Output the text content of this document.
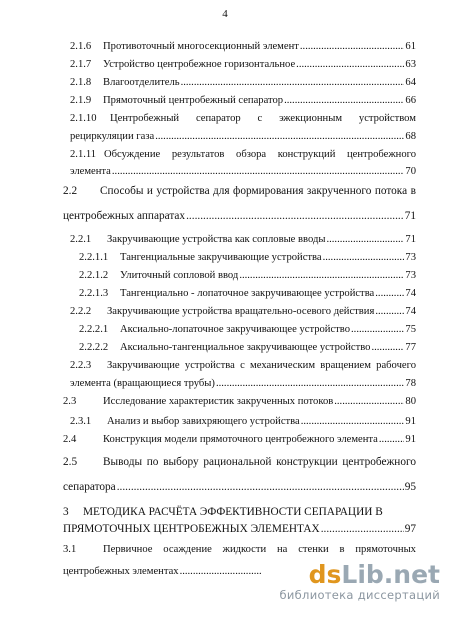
4
2.1.6 Противоточный многосекционный элемент .....	61
2.1.7 Устройство центробежное горизонтальное .....	63
2.1.8 Влагоотделитель .....	64
2.1.9 Прямоточный центробежный сепаратор .....	66
2.1.10 Центробежный сепаратор с эжекционным устройством
рециркуляции газа .....	68
2.1.11 Обсуждение результатов обзора конструкций центробежного
элемента .....	70
2.2 Способы и устройства для формирования закрученного потока в
центробежных аппаратах .....	71
2.2.1 Закручивающие устройства как сопловые вводы .....	71
2.2.1.1 Тангенциальные закручивающие устройства .....	73
2.2.1.2 Улиточный сопловой ввод .....	73
2.2.1.3 Тангенциально - лопаточное закручивающее устройства .....	74
2.2.2 Закручивающие устройства вращательно-осевого действия .....	74
2.2.2.1 Аксиально-лопаточное закручивающее устройство .....	75
2.2.2.2 Аксиально-тангенциальное закручивающее устройство .....	77
2.2.3 Закручивающие устройства с механическим вращением рабочего
элемента (вращающиеся трубы) .....	78
2.3	Исследование характеристик закрученных потоков .....	80
2.3.1 Анализ и выбор завихряющего устройства .....	91
2.4	Конструкция модели прямоточного центробежного элемента .....	91
2.5 Выводы по выбору рациональной конструкции центробежного
сепаратора .....	95
3 МЕТОДИКА РАСЧЁТА ЭФФЕКТИВНОСТИ СЕПАРАЦИИ В
ПРЯМОТОЧНЫХ ЦЕНТРОБЕЖНЫХ ЭЛЕМЕНТАХ .....	97
3.1	Первичное осаждение жидкости на стенки в прямоточных
центробежных элементах .....	dsLib.net
библиотека диссертаций
